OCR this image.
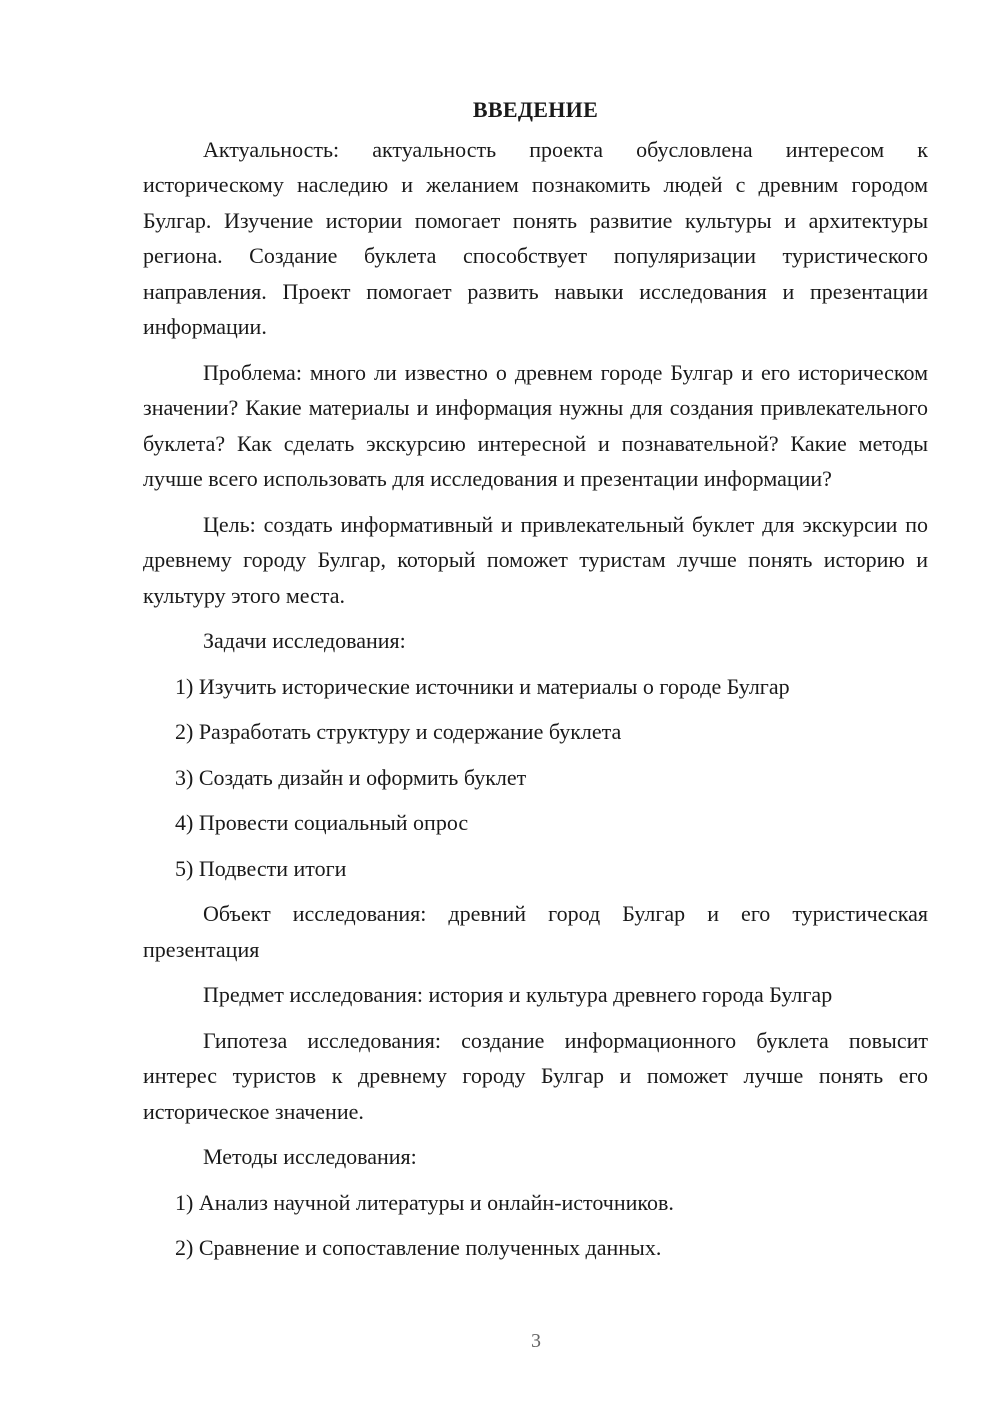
ВВЕДЕНИЕ

Актуальность: актуальность проекта обусловлена интересом к историческому наследию и желанием познакомить людей с древним городом Булгар. Изучение истории помогает понять развитие культуры и архитектуры региона. Создание буклета способствует популяризации туристического направления. Проект помогает развить навыки исследования и презентации информации.

Проблема: много ли известно о древнем городе Булгар и его историческом значении? Какие материалы и информация нужны для создания привлекательного буклета? Как сделать экскурсию интересной и познавательной? Какие методы лучше всего использовать для исследования и презентации информации?

Цель: создать информативный и привлекательный буклет для экскурсии по древнему городу Булгар, который поможет туристам лучше понять историю и культуру этого места.

Задачи исследования:

1) Изучить исторические источники и материалы о городе Булгар

2) Разработать структуру и содержание буклета

3) Создать дизайн и оформить буклет

4) Провести социальный опрос

5) Подвести итоги

Объект исследования: древний город Булгар и его туристическая презентация

Предмет исследования: история и культура древнего города Булгар

Гипотеза исследования: создание информационного буклета повысит интерес туристов к древнему городу Булгар и поможет лучше понять его историческое значение.

Методы исследования:

1) Анализ научной литературы и онлайн-источников.

2) Сравнение и сопоставление полученных данных.

3
